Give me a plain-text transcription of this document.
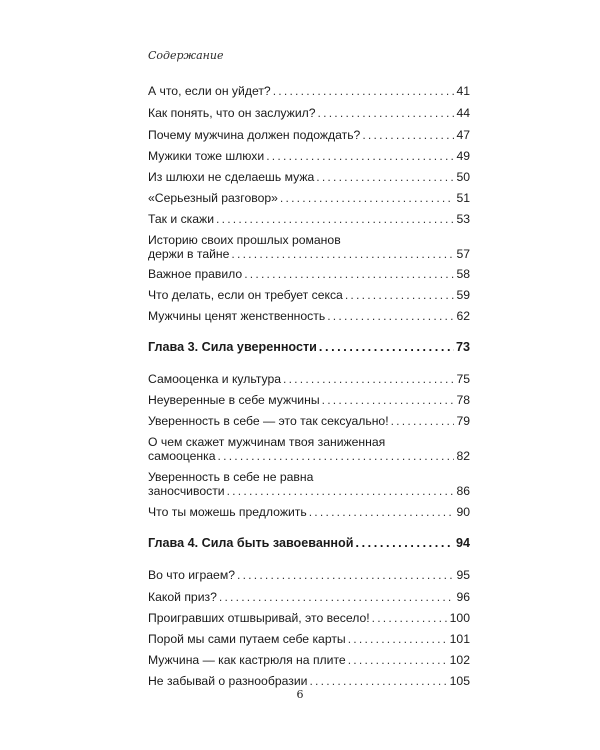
Содержание
А что, если он уйдет? .....	41
Как понять, что он заслужил? .....	44
Почему мужчина должен подождать? .....	47
Мужики тоже шлюхи .....	49
Из шлюхи не сделаешь мужа .....	50
«Серьезный разговор» .....	51
Так и скажи .....	53
Историю своих прошлых романов
держи в тайне .....	57
Важное правило .....	58
Что делать, если он требует секса .....	59
Мужчины ценят женственность .....	62
Глава 3. Сила уверенности .....	73
Самооценка и культура .....	75
Неуверенные в себе мужчины .....	78
Уверенность в себе — это так сексуально! .....	79
О чем скажет мужчинам твоя заниженная
самооценка .....	82
Уверенность в себе не равна
заносчивости .....	86
Что ты можешь предложить .....	90
Глава 4. Сила быть завоеванной .....	94
Во что играем? .....	95
Какой приз? .....	96
Проигравших отшвыривай, это весело! .....	100
Порой мы сами путаем себе карты .....	101
Мужчина — как кастрюля на плите .....	102
Не забывай о разнообразии .....	105
6
